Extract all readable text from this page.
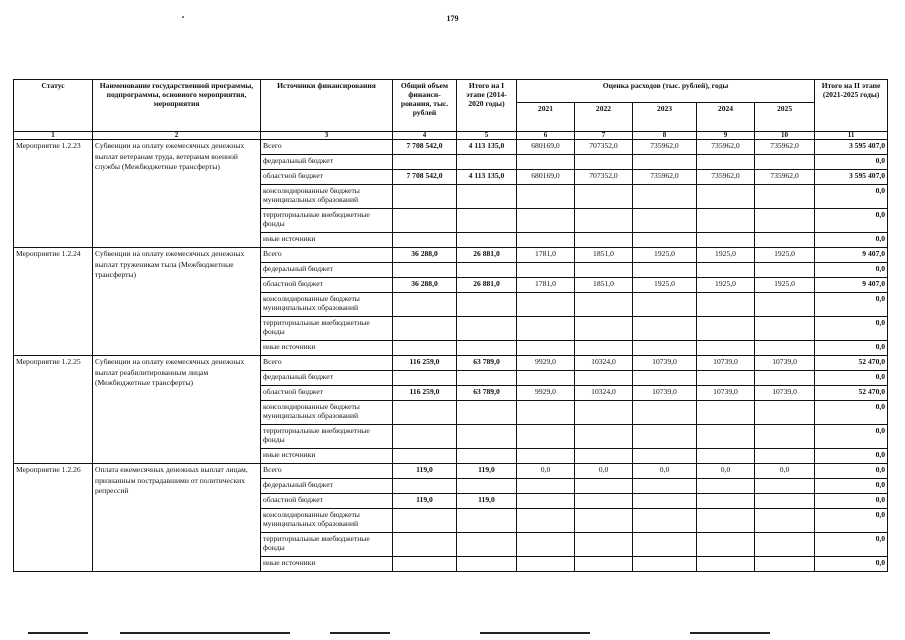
179
Статус	Наименование государственной программы, подпрограммы, основного мероприятия, мероприятия	Источники финансирования	Общий объем финанси-рования, тыс. рублей	Итого на I этапе (2014-2020 годы)	Оценка расходов (тыс. рублей), годы					Итого на II этапе (2021-2025 годы)
					2021	2022	2023	2024	2025	
1	2	3	4	5	6	7	8	9	10	11
Мероприятие 1.2.23	Субвенции на оплату ежемесячных денежных выплат ветеранам труда, ветеранам военной службы (Межбюджетные трансферты)	Всего	7 708 542,0	4 113 135,0	680169,0	707352,0	735962,0	735962,0	735962,0	3 595 407,0
		федеральный бюджет								0,0
		областной бюджет	7 708 542,0	4 113 135,0	680169,0	707352,0	735962,0	735962,0	735962,0	3 595 407,0
		консолидированные бюджеты муниципальных образований								0,0
		территориальные внебюджетные фонды								0,0
		иные источники								0,0
Мероприятие 1.2.24	Субвенции на оплату ежемесячных денежных выплат труженикам тыла (Межбюджетные трансферты)	Всего	36 288,0	26 881,0	1781,0	1851,0	1925,0	1925,0	1925,0	9 407,0
		федеральный бюджет								0,0
		областной бюджет	36 288,0	26 881,0	1781,0	1851,0	1925,0	1925,0	1925,0	9 407,0
		консолидированные бюджеты муниципальных образований								0,0
		территориальные внебюджетные фонды								0,0
		иные источники								0,0
Мероприятие 1.2.25	Субвенции на оплату ежемесячных денежных выплат реабилитированным лицам (Межбюджетные трансферты)	Всего	116 259,0	63 789,0	9929,0	10324,0	10739,0	10739,0	10739,0	52 470,0
		федеральный бюджет								0,0
		областной бюджет	116 259,0	63 789,0	9929,0	10324,0	10739,0	10739,0	10739,0	52 470,0
		консолидированные бюджеты муниципальных образований								0,0
		территориальные внебюджетные фонды								0,0
		иные источники								0,0
Мероприятие 1.2.26	Оплата ежемесячных денежных выплат лицам, признанным пострадавшими от политических репрессий	Всего	119,0	119,0	0,0	0,0	0,0	0,0	0,0	0,0
		федеральный бюджет								0,0
		областной бюджет	119,0	119,0						0,0
		консолидированные бюджеты муниципальных образований								0,0
		территориальные внебюджетные фонды								0,0
		иные источники								0,0
